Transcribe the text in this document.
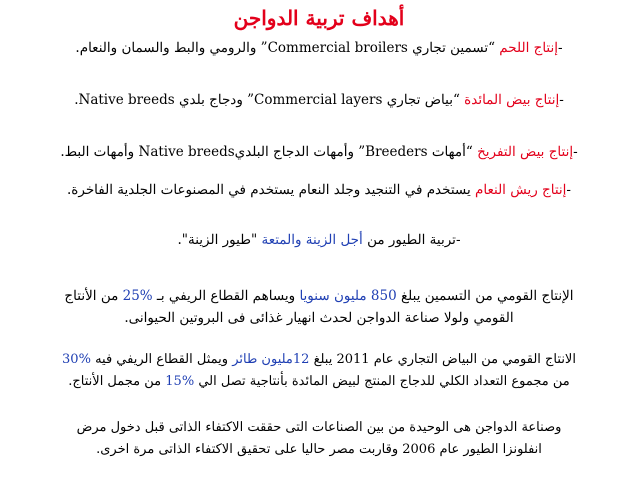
أهداف تربية الدواجن
-إنتاج اللحم “تسمين تجاري Commercial broilers” والرومي والبط والسمان والنعام.
-إنتاج بيض المائدة “بياض تجاري Commercial layers” ودجاج بلدي Native breeds.
-إنتاج بيض التفريخ “أمهات Breeders” وأمهات الدجاج البلديNative breeds وأمهات البط.
-إنتاج ريش النعام يستخدم في التنجيد وجلد النعام يستخدم في المصنوعات الجلدية الفاخرة.
-تربية الطيور من أجل الزينة والمتعة "طيور الزينة".
الإنتاج القومي من التسمين يبلغ 850 مليون سنويا ويساهم القطاع الريفي بـ 25% من الأنتاج
القومي ولولا صناعة الدواجن لحدث انهيار غذائى فى البروتين الحيوانى.
الانتاج القومي من البياض التجاري عام 2011 يبلغ 12مليون طائر ويمثل القطاع الريفي فيه 30%
من مجموع التعداد الكلي للدجاج المنتج لبيض المائدة بأنتاجية تصل الي 15% من مجمل الأنتاج.
وصناعة الدواجن هى الوحيدة من بين الصناعات التى حققت الاكتفاء الذاتى قبل دخول مرض
انفلونزا الطيور عام 2006 وقاربت مصر حاليا على تحقيق الاكتفاء الذاتى مرة اخرى.
